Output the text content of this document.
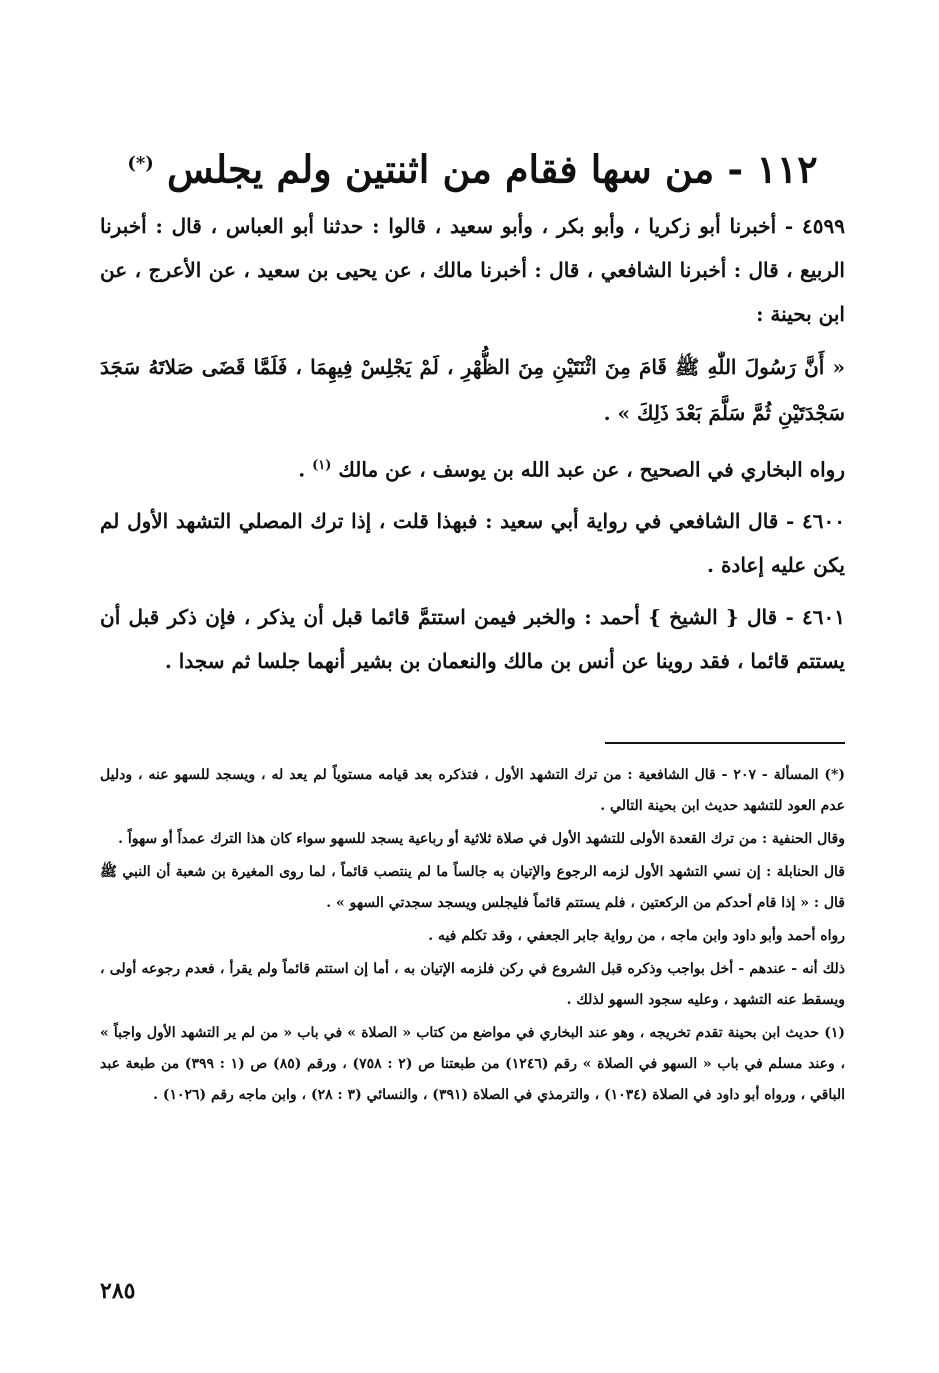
١١٢ - من سها فقام من اثنتين ولم يجلس (*)

٤٥٩٩ - أخبرنا أبو زكريا ، وأبو بكر ، وأبو سعيد ، قالوا : حدثنا أبو العباس ، قال : أخبرنا الربيع ، قال : أخبرنا الشافعي ، قال : أخبرنا مالك ، عن يحيى بن سعيد ، عن الأعرج ، عن ابن بحينة :

« أَنَّ رَسُولَ اللّٰهِ ﷺ قَامَ مِنَ اثْنَتَيْنِ مِنَ الظُّهْرِ ، لَمْ يَجْلِسْ فِيهِمَا ، فَلَمَّا قَضَى صَلاتَهُ سَجَدَ سَجْدَتَيْنِ ثُمَّ سَلَّمَ بَعْدَ ذَلِكَ » .

رواه البخاري في الصحيح ، عن عبد الله بن يوسف ، عن مالك $^{(١)}$ .

٤٦٠٠ - قال الشافعي في رواية أبي سعيد : فبهذا قلت ، إذا ترك المصلي التشهد الأول لم يكن عليه إعادة .

٤٦٠١ - قال { الشيخ } أحمد : والخبر فيمن استتمَّ قائما قبل أن يذكر ، فإن ذكر قبل أن يستتم قائما ، فقد روينا عن أنس بن مالك والنعمان بن بشير أنهما جلسا ثم سجدا .

(*) المسألة - ٢٠٧ - قال الشافعية : من ترك التشهد الأول ، فتذكره بعد قيامه مستوياً لم يعد له ، ويسجد للسهو عنه ، ودليل عدم العود للتشهد حديث ابن بحينة التالي .

وقال الحنفية : من ترك القعدة الأولى للتشهد الأول في صلاة ثلاثية أو رباعية يسجد للسهو سواء كان هذا الترك عمداً أو سهواً .

قال الحنابلة : إن نسي التشهد الأول لزمه الرجوع والإتيان به جالساً ما لم ينتصب قائماً ، لما روى المغيرة بن شعبة أن النبي ﷺ قال : « إذا قام أحدكم من الركعتين ، فلم يستتم قائماً فليجلس ويسجد سجدتي السهو » .

رواه أحمد وأبو داود وابن ماجه ، من رواية جابر الجعفي ، وقد تكلم فيه .

ذلك أنه - عندهم - أخل بواجب وذكره قبل الشروع في ركن فلزمه الإتيان به ، أما إن استتم قائماً ولم يقرأ ، فعدم رجوعه أولى ، ويسقط عنه التشهد ، وعليه سجود السهو لذلك .

(١) حديث ابن بحينة تقدم تخريجه ، وهو عند البخاري في مواضع من كتاب « الصلاة » في باب « من لم ير التشهد الأول واجباً » ، وعند مسلم في باب « السهو في الصلاة » رقم (١٢٤٦) من طبعتنا ص (٢ : ٧٥٨) ، ورقم (٨٥) ص (١ : ٣٩٩) من طبعة عبد الباقي ، ورواه أبو داود في الصلاة (١٠٣٤) ، والترمذي في الصلاة (٣٩١) ، والنسائي (٣ : ٢٨) ، وابن ماجه رقم (١٠٢٦) .

٢٨٥
